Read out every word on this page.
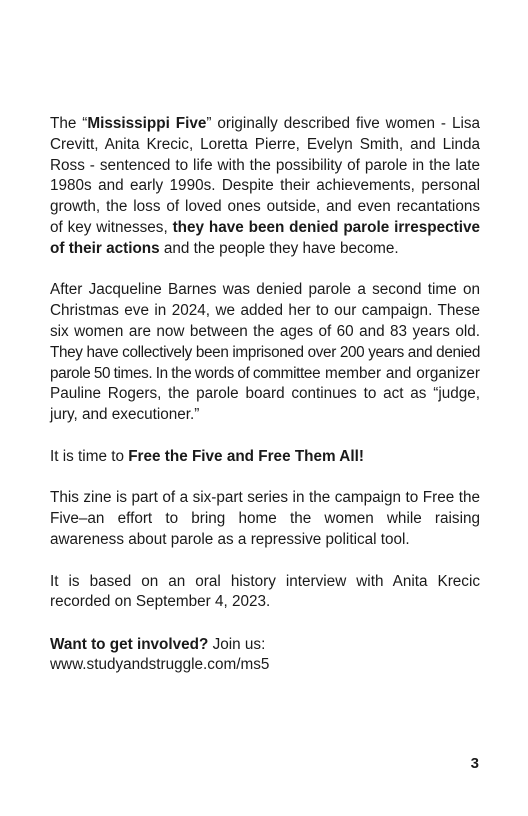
The “Mississippi Five” originally described five women - Lisa Crevitt, Anita Krecic, Loretta Pierre, Evelyn Smith, and Linda Ross - sentenced to life with the possibility of parole in the late 1980s and early 1990s. Despite their achievements, personal growth, the loss of loved ones outside, and even recantations of key witnesses, they have been denied parole irrespective of their actions and the people they have become.

After Jacqueline Barnes was denied parole a second time on Christmas eve in 2024, we added her to our campaign. These six women are now between the ages of 60 and 83 years old. They have collectively been imprisoned over 200 years and denied parole 50 times. In the words of committee member and organizer Pauline Rogers, the parole board continues to act as “judge, jury, and executioner.”

It is time to Free the Five and Free Them All!

This zine is part of a six-part series in the campaign to Free the Five–an effort to bring home the women while raising awareness about parole as a repressive political tool.

It is based on an oral history interview with Anita Krecic recorded on September 4, 2023.

Want to get involved? Join us:
www.studyandstruggle.com/ms5

3
